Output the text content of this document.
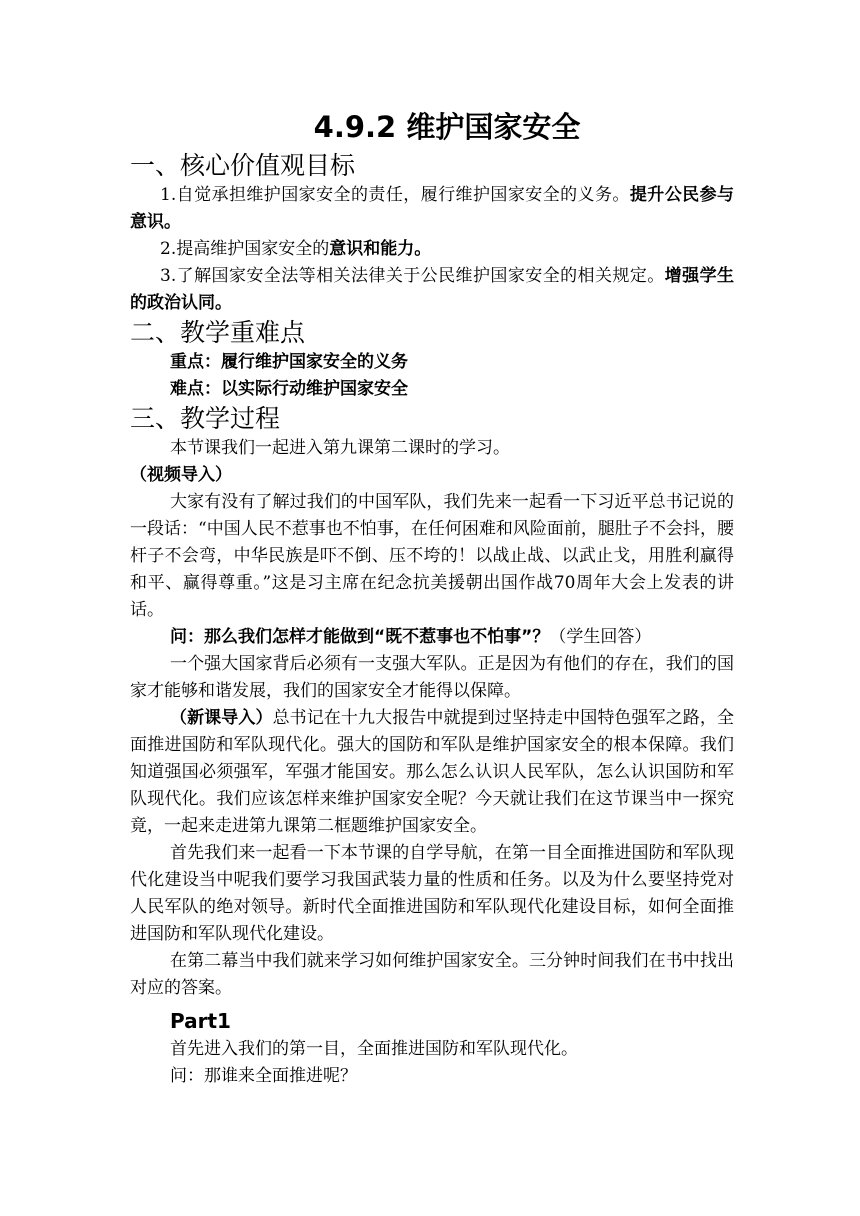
4.9.2 维护国家安全
一、核心价值观目标

1.自觉承担维护国家安全的责任，履行维护国家安全的义务。提升公民参与意识。

2.提高维护国家安全的意识和能力。

3.了解国家安全法等相关法律关于公民维护国家安全的相关规定。增强学生的政治认同。

二、教学重难点

重点：履行维护国家安全的义务

难点：以实际行动维护国家安全

三、教学过程

本节课我们一起进入第九课第二课时的学习。

（视频导入）

大家有没有了解过我们的中国军队，我们先来一起看一下习近平总书记说的一段话：“中国人民不惹事也不怕事，在任何困难和风险面前，腿肚子不会抖，腰杆子不会弯，中华民族是吓不倒、压不垮的！以战止战、以武止戈，用胜利赢得和平、赢得尊重。”这是习主席在纪念抗美援朝出国作战70周年大会上发表的讲话。

问：那么我们怎样才能做到“既不惹事也不怕事”？（学生回答）

一个强大国家背后必须有一支强大军队。正是因为有他们的存在，我们的国家才能够和谐发展，我们的国家安全才能得以保障。

（新课导入）总书记在十九大报告中就提到过坚持走中国特色强军之路，全面推进国防和军队现代化。强大的国防和军队是维护国家安全的根本保障。我们知道强国必须强军，军强才能国安。那么怎么认识人民军队，怎么认识国防和军队现代化。我们应该怎样来维护国家安全呢？今天就让我们在这节课当中一探究竟，一起来走进第九课第二框题维护国家安全。

首先我们来一起看一下本节课的自学导航，在第一目全面推进国防和军队现代化建设当中呢我们要学习我国武装力量的性质和任务。以及为什么要坚持党对人民军队的绝对领导。新时代全面推进国防和军队现代化建设目标，如何全面推进国防和军队现代化建设。

在第二幕当中我们就来学习如何维护国家安全。三分钟时间我们在书中找出对应的答案。

Part1

首先进入我们的第一目，全面推进国防和军队现代化。

问：那谁来全面推进呢？
